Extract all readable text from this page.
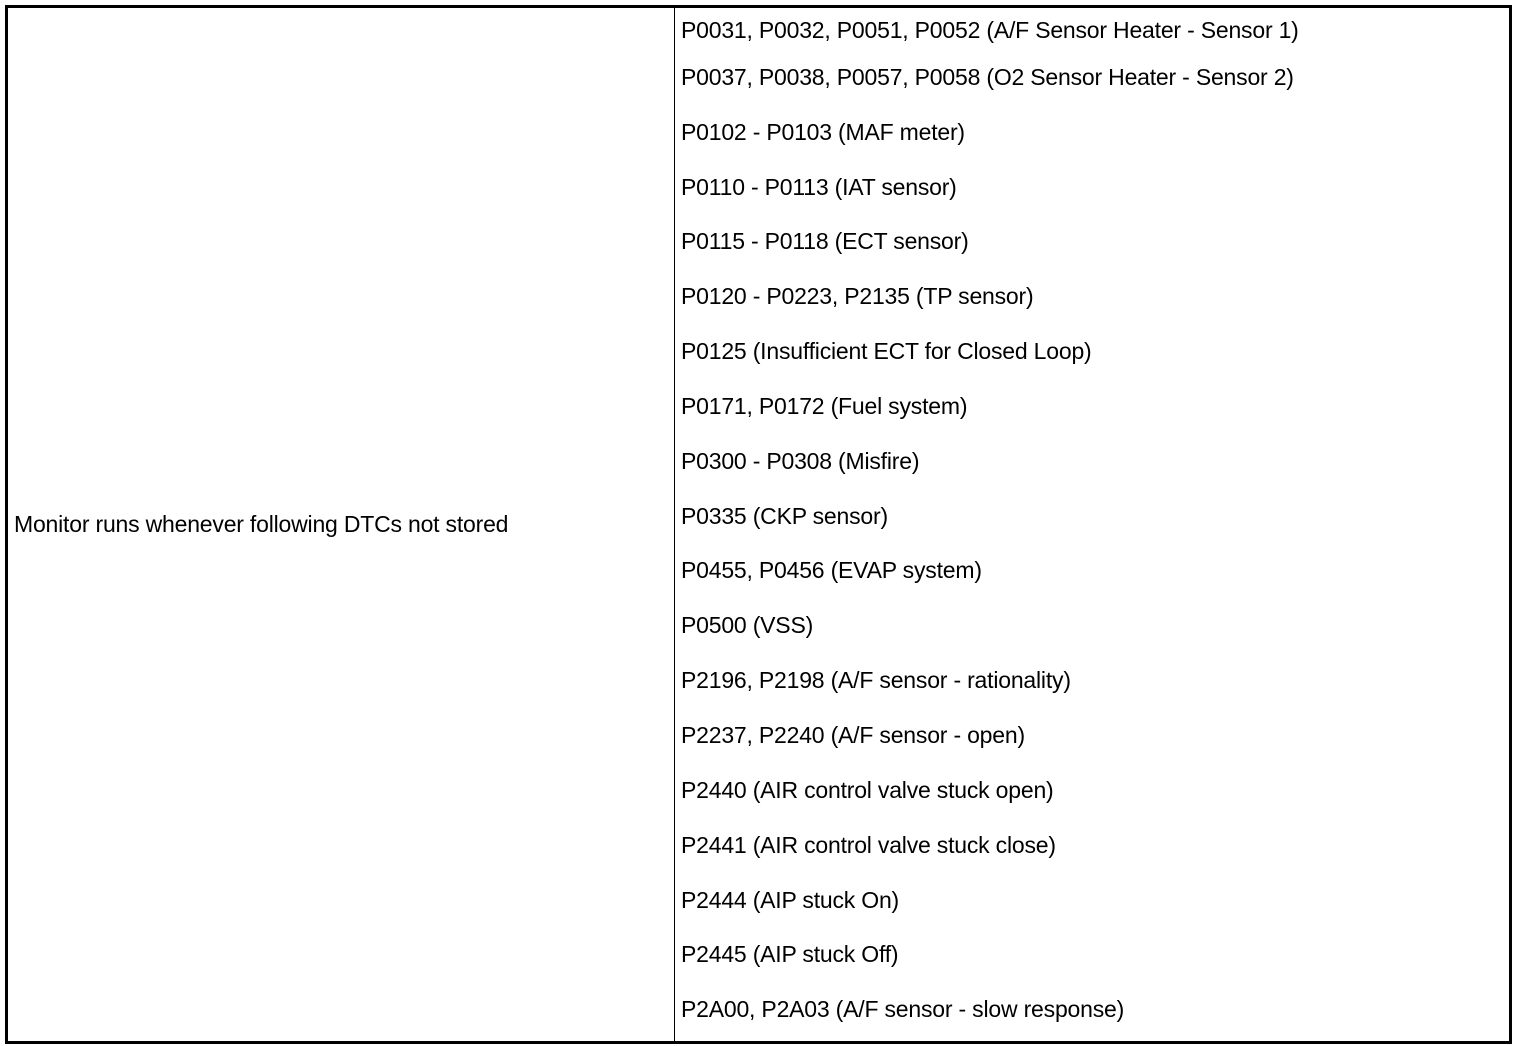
Monitor runs whenever following DTCs not stored
P0031, P0032, P0051, P0052 (A/F Sensor Heater - Sensor 1)
P0037, P0038, P0057, P0058 (O2 Sensor Heater - Sensor 2)
P0102 - P0103 (MAF meter)
P0110 - P0113 (IAT sensor)
P0115 - P0118 (ECT sensor)
P0120 - P0223, P2135 (TP sensor)
P0125 (Insufficient ECT for Closed Loop)
P0171, P0172 (Fuel system)
P0300 - P0308 (Misfire)
P0335 (CKP sensor)
P0455, P0456 (EVAP system)
P0500 (VSS)
P2196, P2198 (A/F sensor - rationality)
P2237, P2240 (A/F sensor - open)
P2440 (AIR control valve stuck open)
P2441 (AIR control valve stuck close)
P2444 (AIP stuck On)
P2445 (AIP stuck Off)
P2A00, P2A03 (A/F sensor - slow response)
